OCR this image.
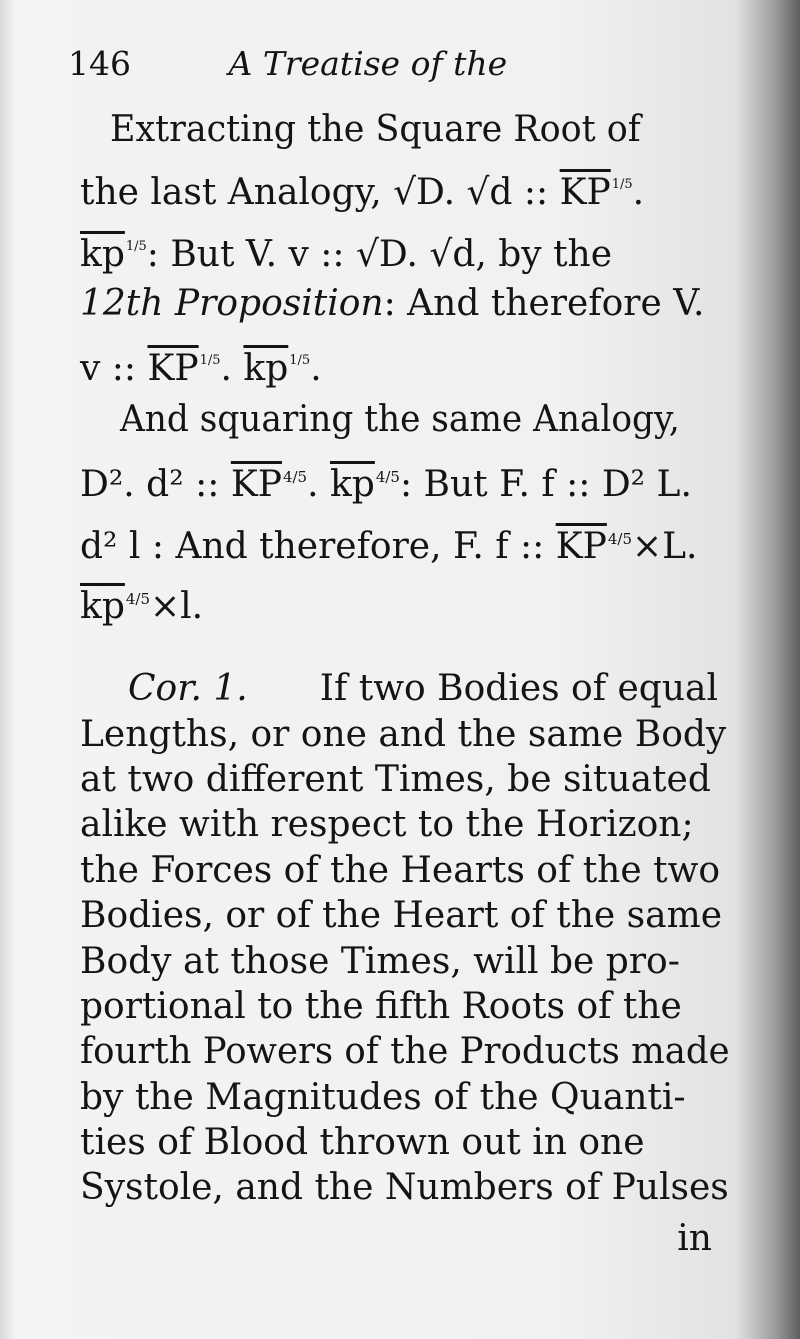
146	A Treatise of the
Extracting the Square Root of
the last Analogy, √D. √d :: $\overline{KP}^{1/5}$.
$\overline{kp}^{1/5}$: But V. v :: √D. √d, by the
12th Proposition: And therefore V.
v :: $\overline{KP}^{1/5}$. $\overline{kp}^{1/5}$.
And squaring the same Analogy,
D². d² :: $\overline{KP}^{4/5}$. $\overline{kp}^{4/5}$: But F. f :: D² L.
d² l : And therefore, F. f :: $\overline{KP}^{4/5}\times L$.
$\overline{kp}^{4/5}\times l$.
Cor. 1. If two Bodies of equal
Lengths, or one and the same Body
at two different Times, be situated
alike with respect to the Horizon;
the Forces of the Hearts of the two
Bodies, or of the Heart of the same
Body at those Times, will be pro-
portional to the fifth Roots of the
fourth Powers of the Products made
by the Magnitudes of the Quanti-
ties of Blood thrown out in one
Systole, and the Numbers of Pulses
in
